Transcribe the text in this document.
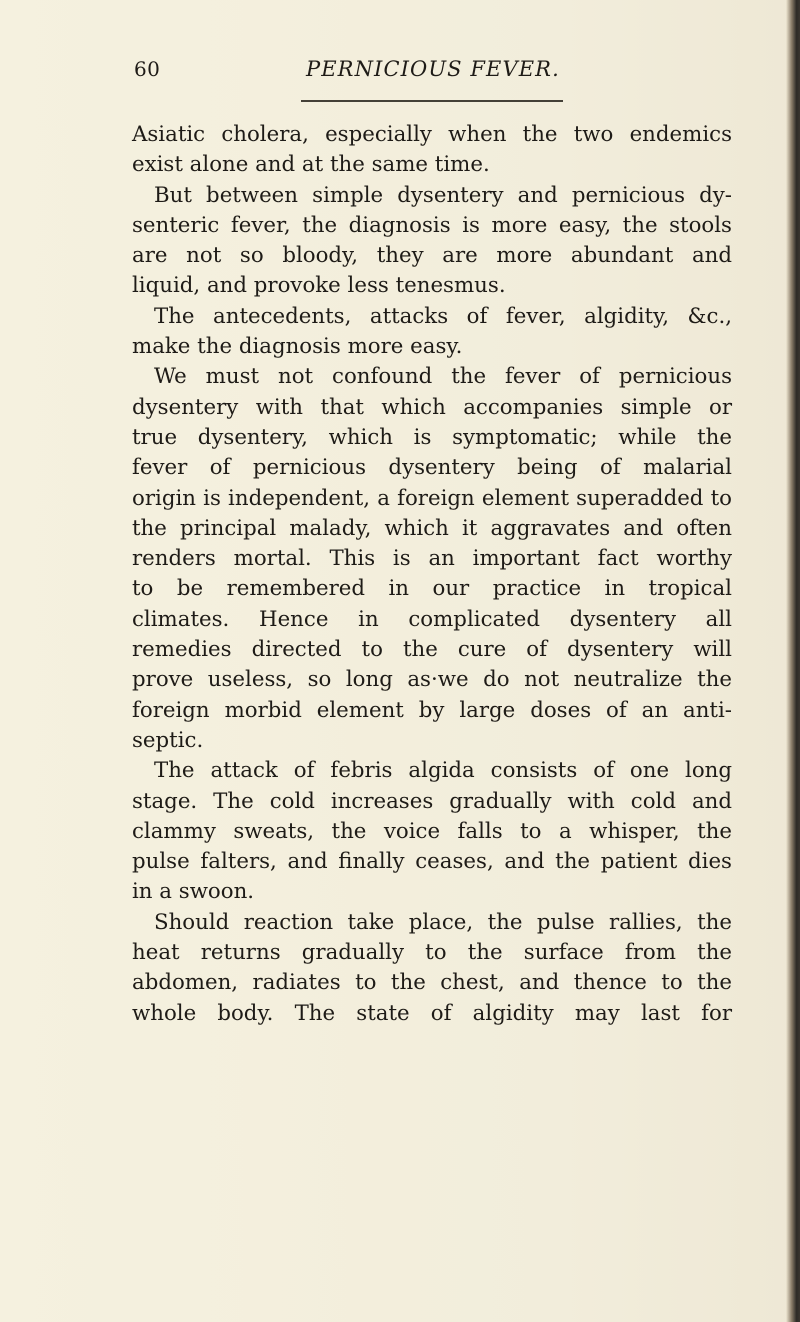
60	PERNICIOUS FEVER.
Asiatic cholera, especially when the two endemics
exist alone and at the same time.
But between simple dysentery and pernicious dy-
senteric fever, the diagnosis is more easy, the stools
are not so bloody, they are more abundant and
liquid, and provoke less tenesmus.
The antecedents, attacks of fever, algidity, &c.,
make the diagnosis more easy.
We must not confound the fever of pernicious
dysentery with that which accompanies simple or
true dysentery, which is symptomatic; while the
fever of pernicious dysentery being of malarial
origin is independent, a foreign element superadded to
the principal malady, which it aggravates and often
renders mortal. This is an important fact worthy
to be remembered in our practice in tropical
climates. Hence in complicated dysentery all
remedies directed to the cure of dysentery will
prove useless, so long as·we do not neutralize the
foreign morbid element by large doses of an anti-
septic.
The attack of febris algida consists of one long
stage. The cold increases gradually with cold and
clammy sweats, the voice falls to a whisper, the
pulse falters, and finally ceases, and the patient dies
in a swoon.
Should reaction take place, the pulse rallies, the
heat returns gradually to the surface from the
abdomen, radiates to the chest, and thence to the
whole body. The state of algidity may last for
